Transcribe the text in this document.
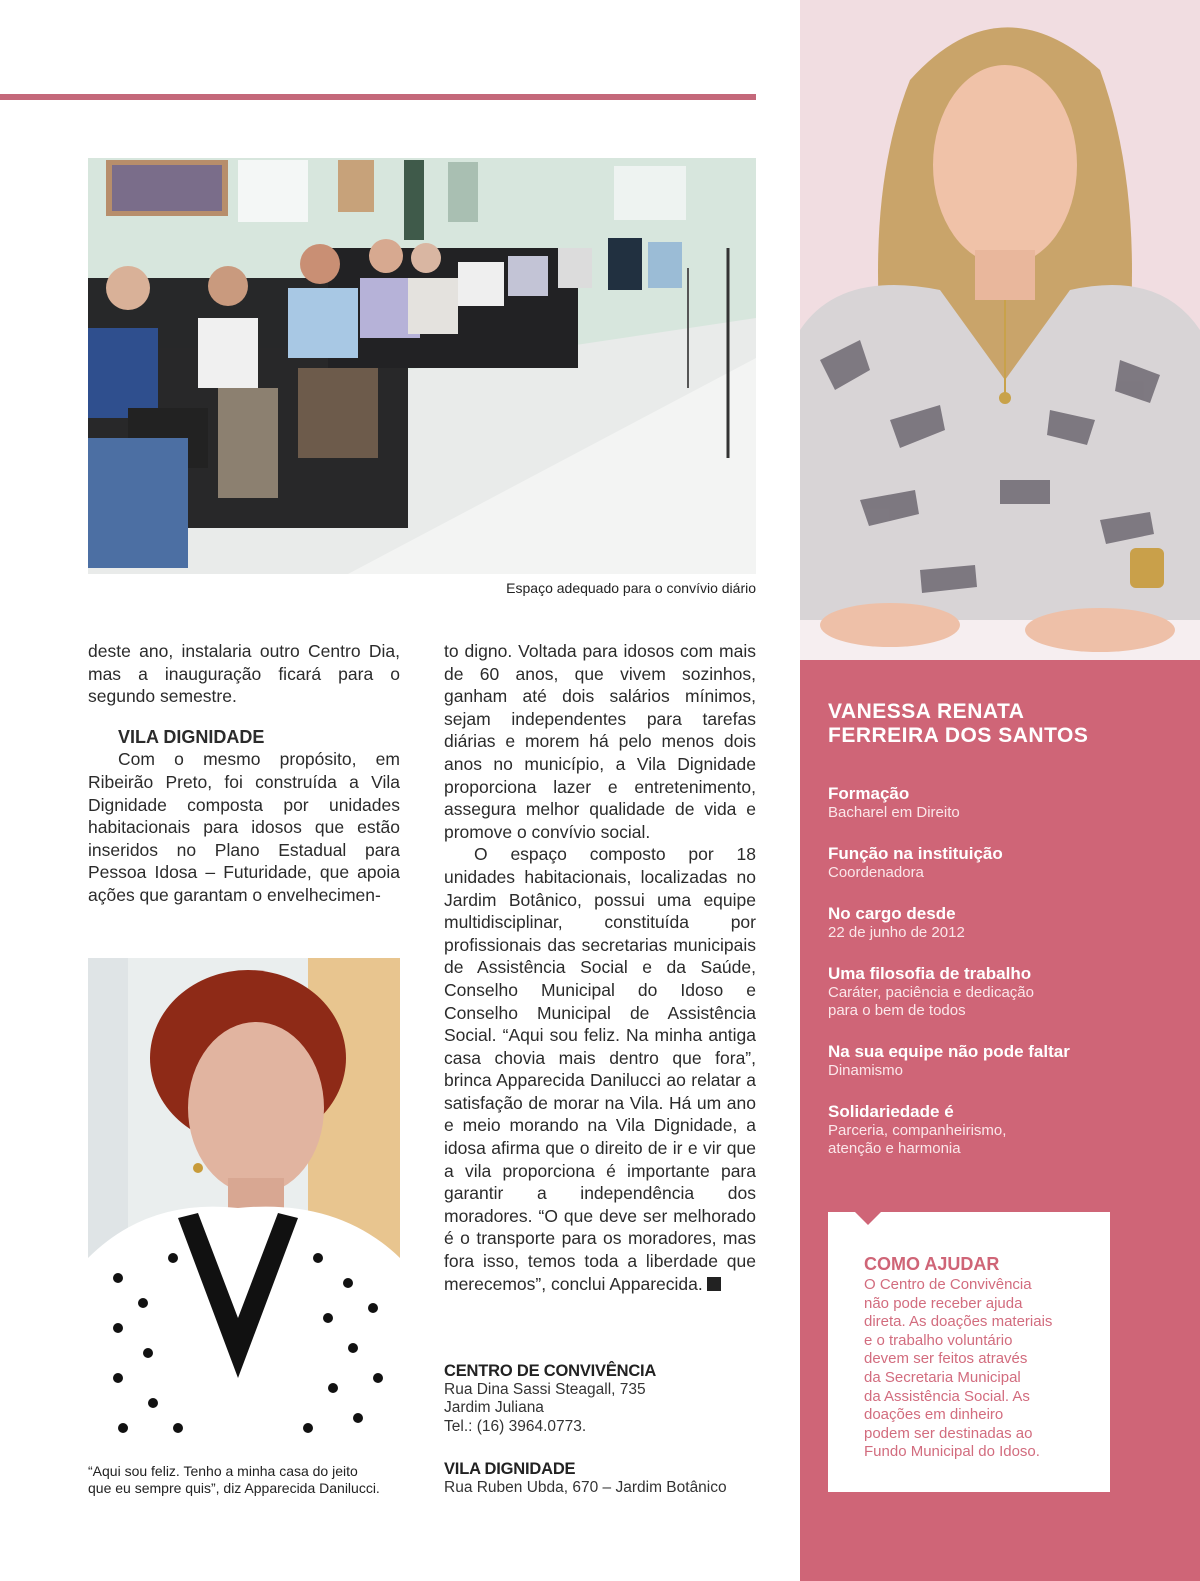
Espaço adequado para o convívio diário

deste ano, instalaria outro Centro Dia, mas a inauguração ficará para o segundo semestre.

VILA DIGNIDADE

Com o mesmo propósito, em Ribeirão Preto, foi construída a Vila Dignidade composta por unidades habitacionais para idosos que estão inseridos no Plano Estadual para Pessoa Idosa – Futuridade, que apoia ações que garantam o envelhecimen-

“Aqui sou feliz. Tenho a minha casa do jeito
que eu sempre quis”, diz Apparecida Danilucci.

to digno. Voltada para idosos com mais de 60 anos, que vivem sozinhos, ganham até dois salários mínimos, sejam independentes para tarefas diárias e morem há pelo menos dois anos no município, a Vila Dignidade proporciona lazer e entretenimento, assegura melhor qualidade de vida e promove o convívio social.

O espaço composto por 18 unidades habitacionais, localizadas no Jardim Botânico, possui uma equipe multidisciplinar, constituída por profissionais das secretarias municipais de Assistência Social e da Saúde, Conselho Municipal do Idoso e Conselho Municipal de Assistência Social. “Aqui sou feliz. Na minha antiga casa chovia mais dentro que fora”, brinca Apparecida Danilucci ao relatar a satisfação de morar na Vila. Há um ano e meio morando na Vila Dignidade, a idosa afirma que o direito de ir e vir que a vila proporciona é importante para garantir a independência dos moradores. “O que deve ser melhorado é o transporte para os moradores, mas fora isso, temos toda a liberdade que merecemos”, conclui Apparecida.

CENTRO DE CONVIVÊNCIA
Rua Dina Sassi Steagall, 735
Jardim Juliana
Tel.: (16) 3964.0773.
VILA DIGNIDADE
Rua Ruben Ubda, 670 – Jardim Botânico
VANESSA RENATA
FERREIRA DOS SANTOS
Formação
Bacharel em Direito
Função na instituição
Coordenadora
No cargo desde
22 de junho de 2012
Uma filosofia de trabalho
Caráter, paciência e dedicação
para o bem de todos
Na sua equipe não pode faltar
Dinamismo
Solidariedade é
Parceria, companheirismo,
atenção e harmonia
COMO AJUDAR
O Centro de Convivência
não pode receber ajuda
direta. As doações materiais
e o trabalho voluntário
devem ser feitos através
da Secretaria Municipal
da Assistência Social. As
doações em dinheiro
podem ser destinadas ao
Fundo Municipal do Idoso.
